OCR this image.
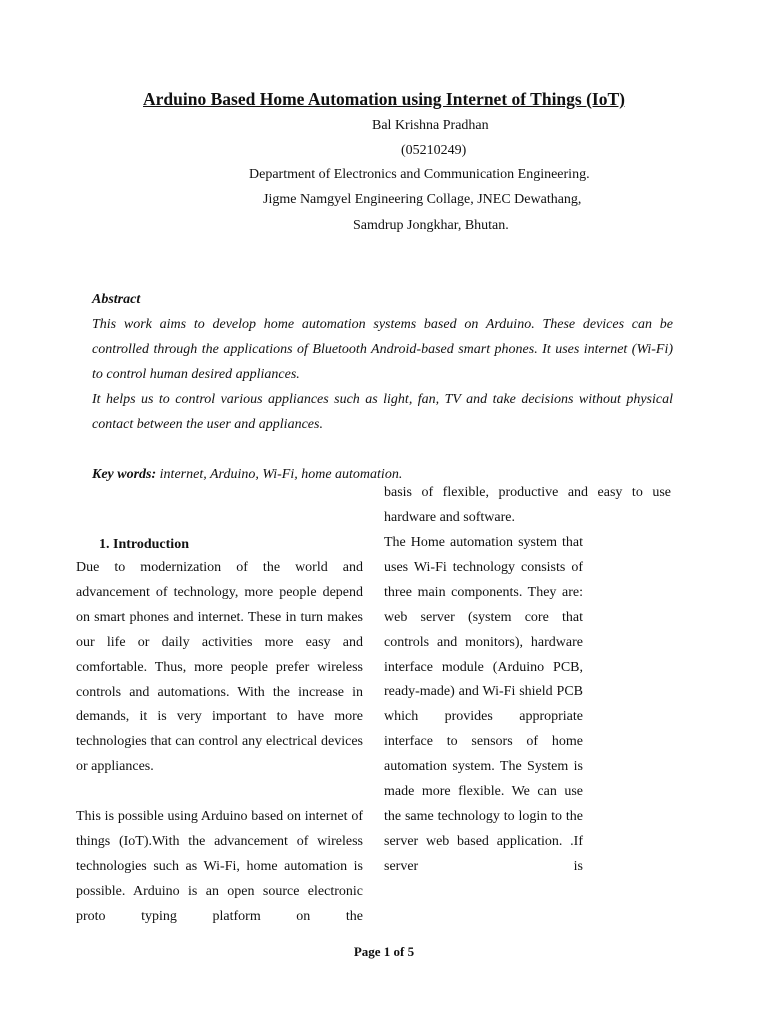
Arduino Based Home Automation using Internet of Things (IoT)
Bal Krishna Pradhan
(05210249)
Department of Electronics and Communication Engineering.
Jigme Namgyel Engineering Collage, JNEC Dewathang,
Samdrup Jongkhar, Bhutan.
Abstract

This work aims to develop home automation systems based on Arduino. These devices can be controlled through the applications of Bluetooth Android-based smart phones. It uses internet (Wi-Fi) to control human desired appliances.

It helps us to control various appliances such as light, fan, TV and take decisions without physical contact between the user and appliances.

Key words: internet, Arduino, Wi-Fi, home automation.

basis of flexible, productive and easy to use hardware and software.

1. Introduction

Due to modernization of the world and advancement of technology, more people depend on smart phones and internet. These in turn makes our life or daily activities more easy and comfortable. Thus, more people prefer wireless controls and automations. With the increase in demands, it is very important to have more technologies that can control any electrical devices or appliances.

This is possible using Arduino based on internet of things (IoT).With the advancement of wireless technologies such as Wi-Fi, home automation is possible. Arduino is an open source electronic proto typing platform on the

The Home automation system that uses Wi-Fi technology consists of three main components. They are: web server (system core that controls and monitors), hardware interface module (Arduino PCB, ready-made) and Wi-Fi shield PCB which provides appropriate interface to sensors of home automation system. The System is made more flexible. We can use the same technology to login to the server web based application. .If server is

Page 1 of 5
